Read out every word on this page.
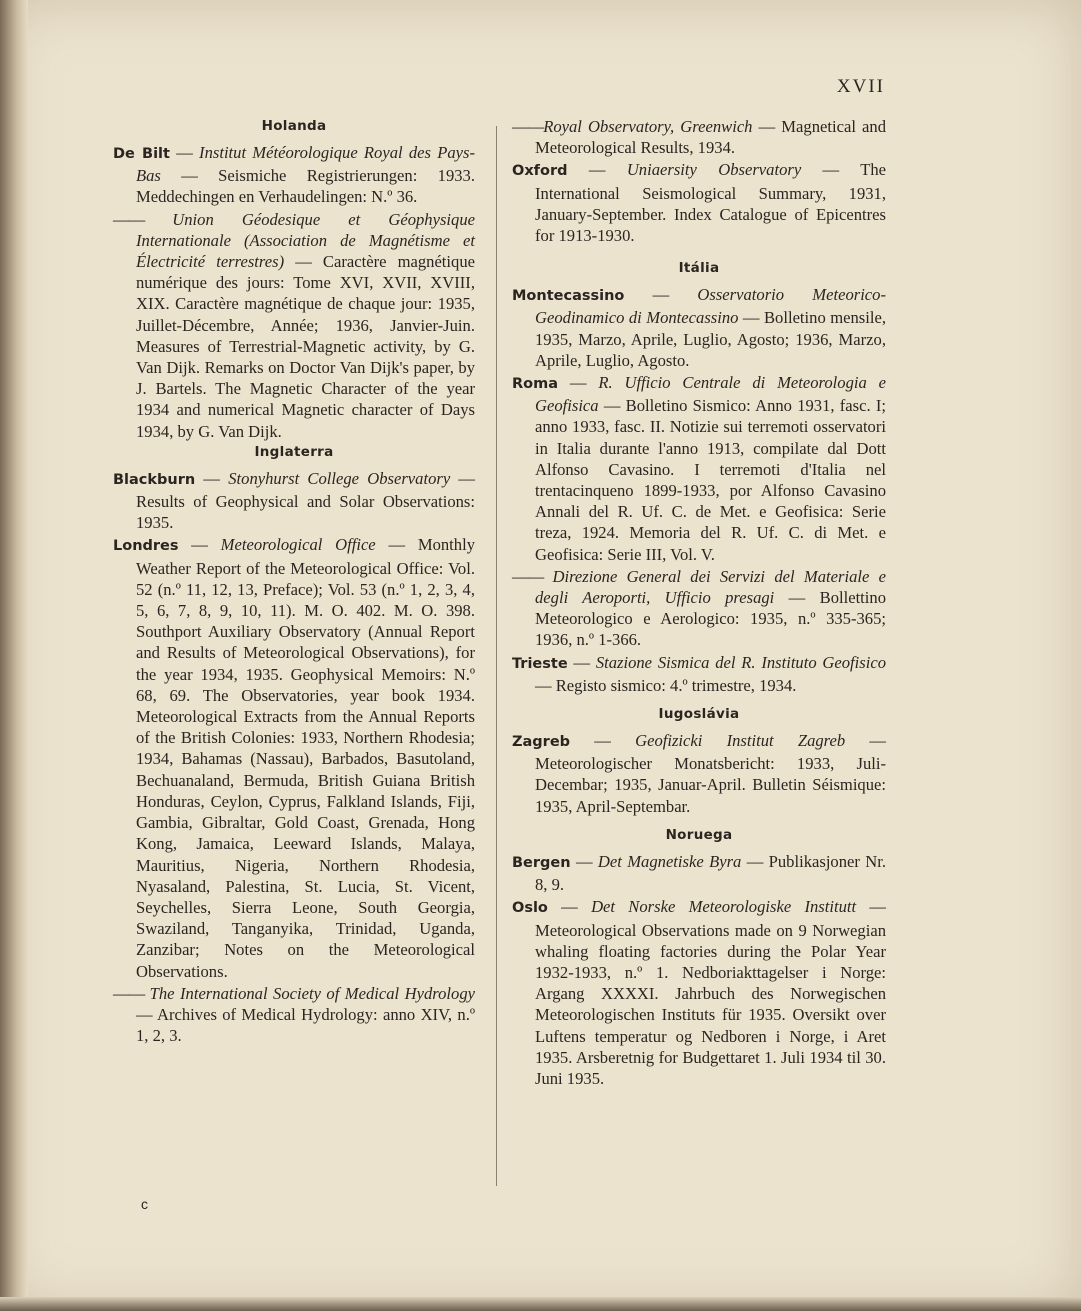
XVII
Holanda

De Bilt — Institut Météorologique Royal des Pays-Bas — Seismiche Registrierungen: 1933. Meddechingen en Verhaudelingen: N.º 36.

—— Union Géodesique et Géophysique Internationale (Association de Magnétisme et Électricité terrestres) — Caractère magnétique numérique des jours: Tome XVI, XVII, XVIII, XIX. Caractère magnétique de chaque jour: 1935, Juillet-Décembre, Année; 1936, Janvier-Juin. Measures of Terrestrial-Magnetic activity, by G. Van Dijk. Remarks on Doctor Van Dijk's paper, by J. Bartels. The Magnetic Character of the year 1934 and numerical Magnetic character of Days 1934, by G. Van Dijk.

Inglaterra

Blackburn — Stonyhurst College Observatory — Results of Geophysical and Solar Observations: 1935.

Londres — Meteorological Office — Monthly Weather Report of the Meteorological Office: Vol. 52 (n.º 11, 12, 13, Preface); Vol. 53 (n.º 1, 2, 3, 4, 5, 6, 7, 8, 9, 10, 11). M. O. 402. M. O. 398. Southport Auxiliary Observatory (Annual Report and Results of Meteorological Observations), for the year 1934, 1935. Geophysical Memoirs: N.º 68, 69. The Observatories, year book 1934. Meteorological Extracts from the Annual Reports of the British Colonies: 1933, Northern Rhodesia; 1934, Bahamas (Nassau), Barbados, Basutoland, Bechuanaland, Bermuda, British Guiana British Honduras, Ceylon, Cyprus, Falkland Islands, Fiji, Gambia, Gibraltar, Gold Coast, Grenada, Hong Kong, Jamaica, Leeward Islands, Malaya, Mauritius, Nigeria, Northern Rhodesia, Nyasaland, Palestina, St. Lucia, St. Vicent, Seychelles, Sierra Leone, South Georgia, Swaziland, Tanganyika, Trinidad, Uganda, Zanzibar; Notes on the Meteorological Observations.

—— The International Society of Medical Hydrology — Archives of Medical Hydrology: anno XIV, n.º 1, 2, 3.

——Royal Observatory, Greenwich — Magnetical and Meteorological Results, 1934.

Oxford — Uniaersity Observatory — The International Seismological Summary, 1931, January-September. Index Catalogue of Epicentres for 1913-1930.

Itália

Montecassino — Osservatorio Meteorico-Geodinamico di Montecassino — Bolletino mensile, 1935, Marzo, Aprile, Luglio, Agosto; 1936, Marzo, Aprile, Luglio, Agosto.

Roma — R. Ufficio Centrale di Meteorologia e Geofisica — Bolletino Sismico: Anno 1931, fasc. I; anno 1933, fasc. II. Notizie sui terremoti osservatori in Italia durante l'anno 1913, compilate dal Dott Alfonso Cavasino. I terremoti d'Italia nel trentacinqueno 1899-1933, por Alfonso Cavasino Annali del R. Uf. C. de Met. e Geofisica: Serie treza, 1924. Memoria del R. Uf. C. di Met. e Geofisica: Serie III, Vol. V.

—— Direzione General dei Servizi del Materiale e degli Aeroporti, Ufficio presagi — Bollettino Meteorologico e Aerologico: 1935, n.º 335-365; 1936, n.º 1-366.

Trieste — Stazione Sismica del R. Instituto Geofisico — Registo sismico: 4.º trimestre, 1934.

Iugoslávia

Zagreb — Geofizicki Institut Zagreb — Meteorologischer Monatsbericht: 1933, Juli-Decembar; 1935, Januar-April. Bulletin Séismique: 1935, April-Septembar.

Noruega

Bergen — Det Magnetiske Byra — Publikasjoner Nr. 8, 9.

Oslo — Det Norske Meteorologiske Institutt — Meteorological Observations made on 9 Norwegian whaling floating factories during the Polar Year 1932-1933, n.º 1. Nedboriakttagelser i Norge: Argang XXXXI. Jahrbuch des Norwegischen Meteorologischen Instituts für 1935. Oversikt over Luftens temperatur og Nedboren i Norge, i Aret 1935. Arsberetnig for Budgettaret 1. Juli 1934 til 30. Juni 1935.

c
